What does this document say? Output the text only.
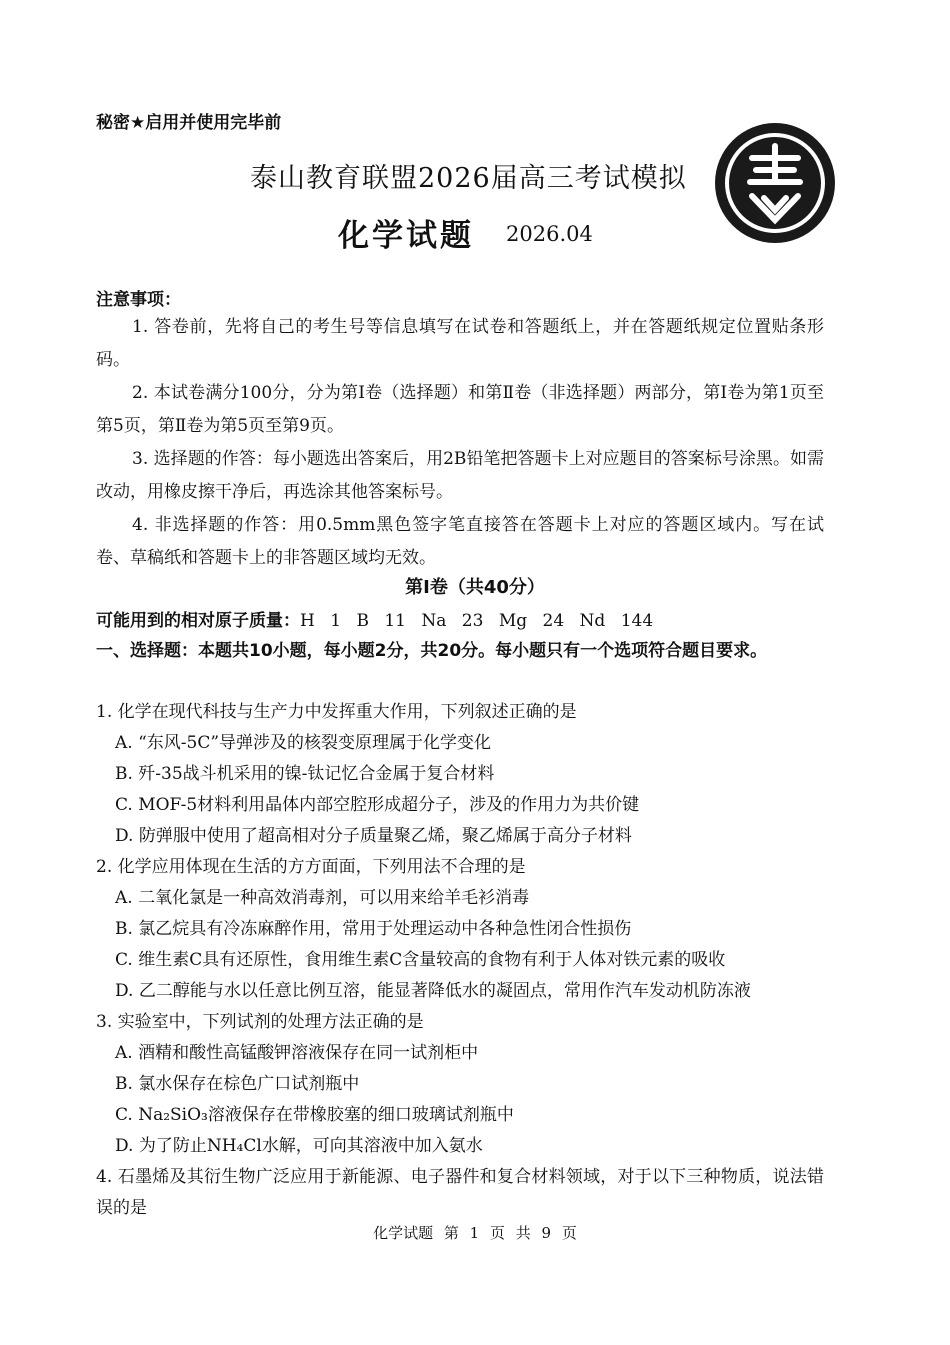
秘密★启用并使用完毕前
泰山教育联盟2026届高三考试模拟
化学试题 2026.04
注意事项：

1. 答卷前，先将自己的考生号等信息填写在试卷和答题纸上，并在答题纸规定位置贴条形码。

2. 本试卷满分100分，分为第Ⅰ卷（选择题）和第Ⅱ卷（非选择题）两部分，第Ⅰ卷为第1页至第5页，第Ⅱ卷为第5页至第9页。

3. 选择题的作答：每小题选出答案后，用2B铅笔把答题卡上对应题目的答案标号涂黑。如需改动，用橡皮擦干净后，再选涂其他答案标号。

4. 非选择题的作答：用0.5mm黑色签字笔直接答在答题卡上对应的答题区域内。写在试卷、草稿纸和答题卡上的非答题区域均无效。

第Ⅰ卷（共40分）
可能用到的相对原子质量：H 1 B 11 Na 23 Mg 24 Nd 144
一、选择题：本题共10小题，每小题2分，共20分。每小题只有一个选项符合题目要求。

1. 化学在现代科技与生产力中发挥重大作用，下列叙述正确的是

A. “东风-5C”导弹涉及的核裂变原理属于化学变化

B. 歼-35战斗机采用的镍-钛记忆合金属于复合材料

C. MOF-5材料利用晶体内部空腔形成超分子，涉及的作用力为共价键

D. 防弹服中使用了超高相对分子质量聚乙烯，聚乙烯属于高分子材料

2. 化学应用体现在生活的方方面面，下列用法不合理的是

A. 二氧化氯是一种高效消毒剂，可以用来给羊毛衫消毒

B. 氯乙烷具有冷冻麻醉作用，常用于处理运动中各种急性闭合性损伤

C. 维生素C具有还原性，食用维生素C含量较高的食物有利于人体对铁元素的吸收

D. 乙二醇能与水以任意比例互溶，能显著降低水的凝固点，常用作汽车发动机防冻液

3. 实验室中，下列试剂的处理方法正确的是

A. 酒精和酸性高锰酸钾溶液保存在同一试剂柜中

B. 氯水保存在棕色广口试剂瓶中

C. Na₂SiO₃溶液保存在带橡胶塞的细口玻璃试剂瓶中

D. 为了防止NH₄Cl水解，可向其溶液中加入氨水

4. 石墨烯及其衍生物广泛应用于新能源、电子器件和复合材料领域，对于以下三种物质，说法错误的是

化学试题 第 1 页 共 9 页
